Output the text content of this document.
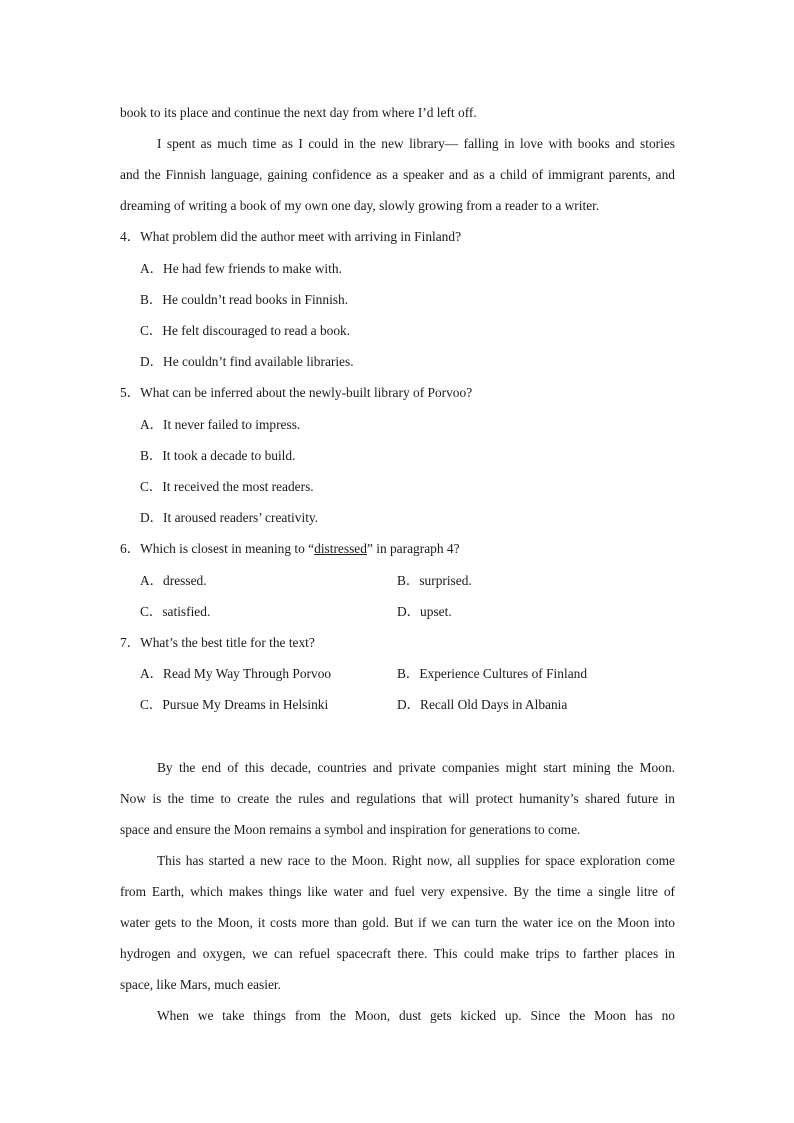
book to its place and continue the next day from where I’d left off.
I spent as much time as I could in the new library— falling in love with books and stories
and the Finnish language, gaining confidence as a speaker and as a child of immigrant parents, and
dreaming of writing a book of my own one day, slowly growing from a reader to a writer.
4．What problem did the author meet with arriving in Finland?
A．He had few friends to make with.
B．He couldn’t read books in Finnish.
C．He felt discouraged to read a book.
D．He couldn’t find available libraries.
5．What can be inferred about the newly-built library of Porvoo?
A．It never failed to impress.
B．It took a decade to build.
C．It received the most readers.
D．It aroused readers’ creativity.
6．Which is closest in meaning to “distressed” in paragraph 4?
A．dressed.	B．surprised.
C．satisfied.	D．upset.
7．What’s the best title for the text?
A．Read My Way Through Porvoo	B．Experience Cultures of Finland
C．Pursue My Dreams in Helsinki	D．Recall Old Days in Albania
By the end of this decade, countries and private companies might start mining the Moon.
Now is the time to create the rules and regulations that will protect humanity’s shared future in
space and ensure the Moon remains a symbol and inspiration for generations to come.
This has started a new race to the Moon. Right now, all supplies for space exploration come
from Earth, which makes things like water and fuel very expensive. By the time a single litre of
water gets to the Moon, it costs more than gold. But if we can turn the water ice on the Moon into
hydrogen and oxygen, we can refuel spacecraft there. This could make trips to farther places in
space, like Mars, much easier.
When we take things from the Moon, dust gets kicked up. Since the Moon has no
